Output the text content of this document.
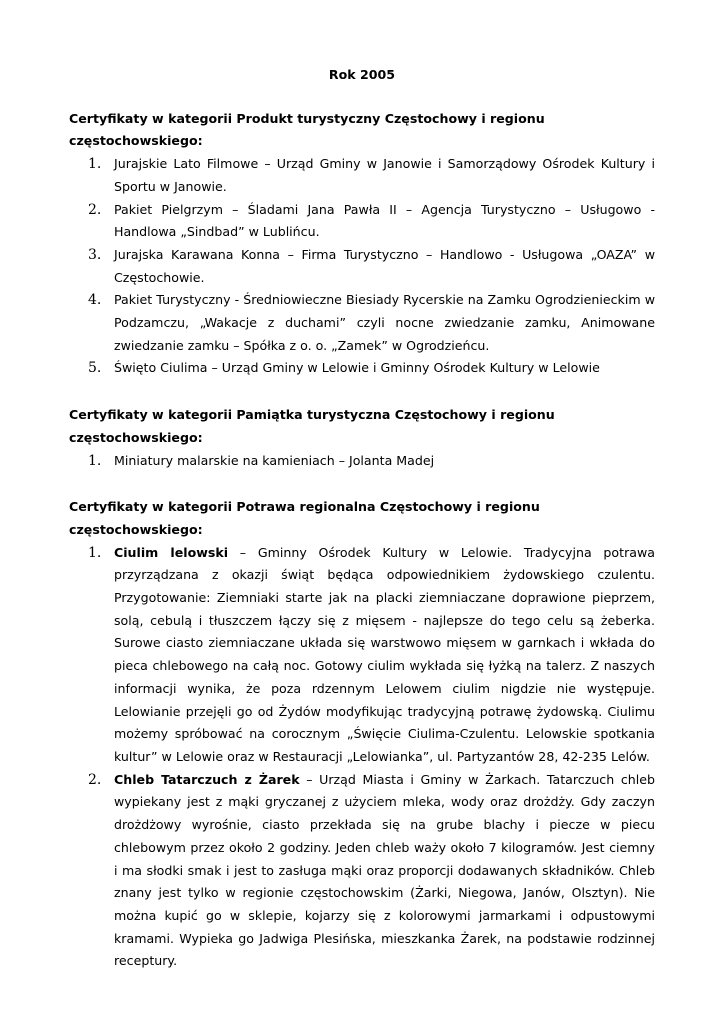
Rok 2005

Certyfikaty w kategorii Produkt turystyczny Częstochowy i regionu częstochowskiego:

1. Jurajskie Lato Filmowe – Urząd Gminy w Janowie i Samorządowy Ośrodek Kultury i Sportu w Janowie.
2. Pakiet Pielgrzym – Śladami Jana Pawła II – Agencja Turystyczno – Usługowo - Handlowa „Sindbad” w Lublińcu.
3. Jurajska Karawana Konna – Firma Turystyczno – Handlowo - Usługowa „OAZA” w Częstochowie.
4. Pakiet Turystyczny - Średniowieczne Biesiady Rycerskie na Zamku Ogrodzienieckim w Podzamczu, „Wakacje z duchami” czyli nocne zwiedzanie zamku, Animowane zwiedzanie zamku – Spółka z o. o. „Zamek” w Ogrodzieńcu.
5. Święto Ciulima – Urząd Gminy w Lelowie i Gminny Ośrodek Kultury w Lelowie

Certyfikaty w kategorii Pamiątka turystyczna Częstochowy i regionu częstochowskiego:

1. Miniatury malarskie na kamieniach – Jolanta Madej

Certyfikaty w kategorii Potrawa regionalna Częstochowy i regionu częstochowskiego:

1. Ciulim lelowski – Gminny Ośrodek Kultury w Lelowie. Tradycyjna potrawa przyrządzana z okazji świąt będąca odpowiednikiem żydowskiego czulentu. Przygotowanie: Ziemniaki starte jak na placki ziemniaczane doprawione pieprzem, solą, cebulą i tłuszczem łączy się z mięsem - najlepsze do tego celu są żeberka. Surowe ciasto ziemniaczane układa się warstwowo mięsem w garnkach i wkłada do pieca chlebowego na całą noc. Gotowy ciulim wykłada się łyżką na talerz. Z naszych informacji wynika, że poza rdzennym Lelowem ciulim nigdzie nie występuje. Lelowianie przejęli go od Żydów modyfikując tradycyjną potrawę żydowską. Ciulimu możemy spróbować na corocznym „Święcie Ciulima-Czulentu. Lelowskie spotkania kultur” w Lelowie oraz w Restauracji „Lelowianka”, ul. Partyzantów 28, 42-235 Lelów.
2. Chleb Tatarczuch z Żarek – Urząd Miasta i Gminy w Żarkach. Tatarczuch chleb wypiekany jest z mąki gryczanej z użyciem mleka, wody oraz drożdży. Gdy zaczyn drożdżowy wyrośnie, ciasto przekłada się na grube blachy i piecze w piecu chlebowym przez około 2 godziny. Jeden chleb waży około 7 kilogramów. Jest ciemny i ma słodki smak i jest to zasługa mąki oraz proporcji dodawanych składników. Chleb znany jest tylko w regionie częstochowskim (Żarki, Niegowa, Janów, Olsztyn). Nie można kupić go w sklepie, kojarzy się z kolorowymi jarmarkami i odpustowymi kramami. Wypieka go Jadwiga Plesińska, mieszkanka Żarek, na podstawie rodzinnej receptury.
